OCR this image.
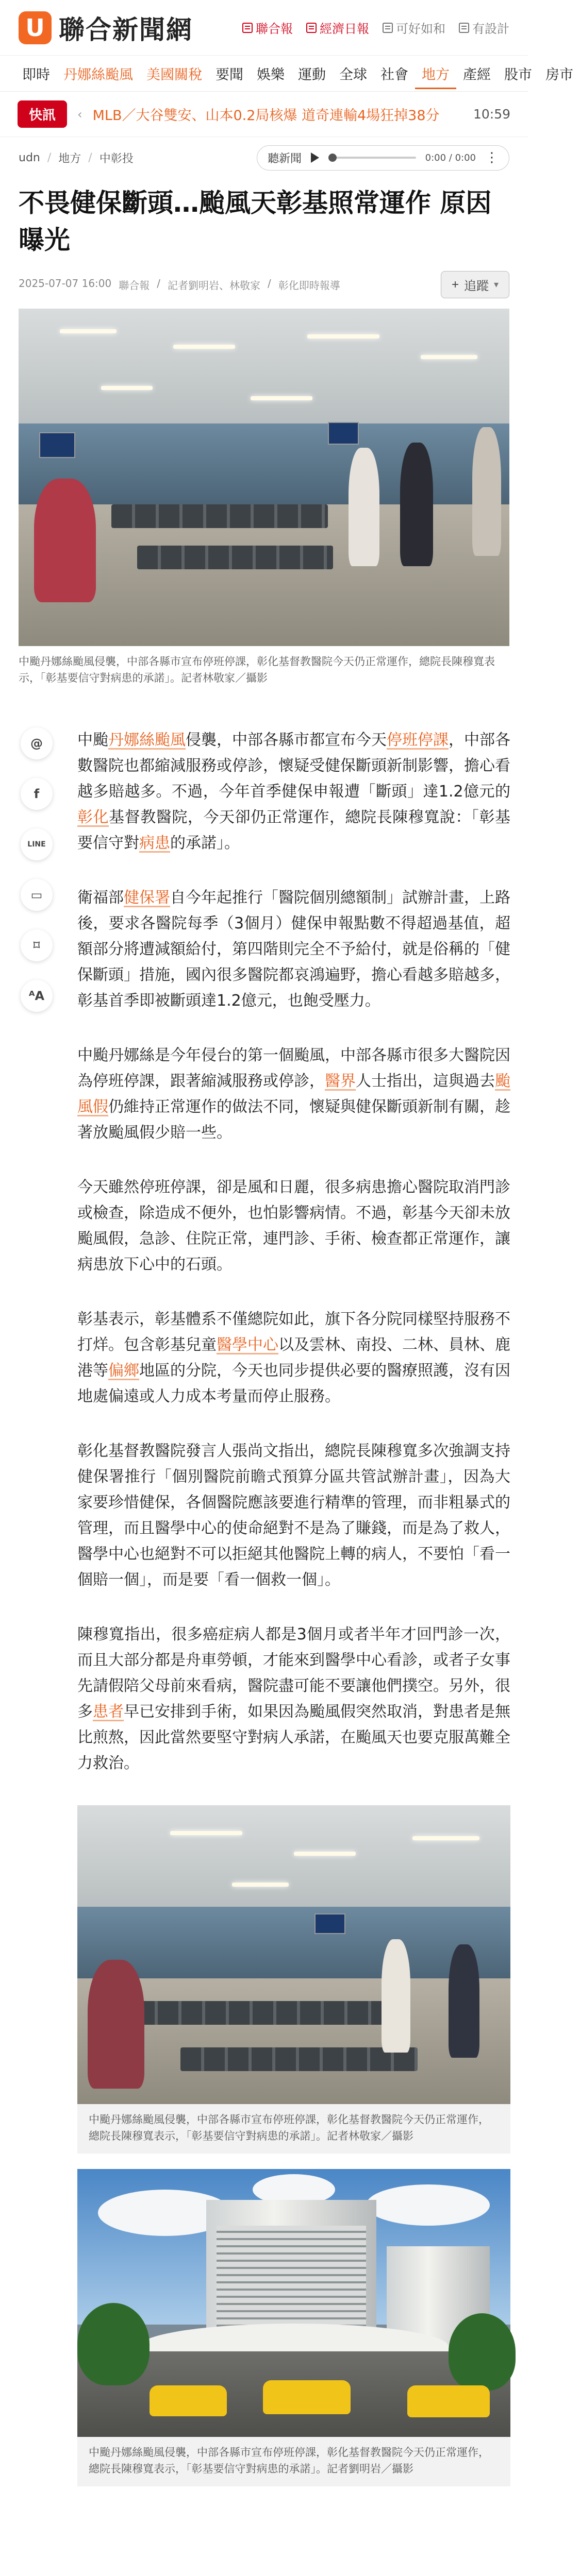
U 聯合新聞網	聯合報 經濟日報 可好如和 有設計
即時 丹娜絲颱風 美國關稅 要聞 娛樂 運動 全球 社會 地方 產經 股市 房市
快訊	‹ MLB／大谷雙安、山本0.2局核爆 道奇連輸4場狂掉38分	10:59
udn / 地方 / 中彰投	聽新聞	0:00 / 0:00 ⋮
不畏健保斷頭…颱風天彰基照常運作 原因曝光
2025-07-07 16:00 聯合報 / 記者劉明岩、林敬家 / 彰化即時報導	+ 追蹤 ▾

中颱丹娜絲颱風侵襲，中部各縣市宣布停班停課，彰化基督教醫院今天仍正常運作，總院長陳穆寬表示，「彰基要信守對病患的承諾」。記者林敬家／攝影

@
f
LINE
▭
⌑
ᴬA

中颱丹娜絲颱風侵襲，中部各縣市都宣布今天停班停課，中部各數醫院也都縮減服務或停診，懷疑受健保斷頭新制影響，擔心看越多賠越多。不過，今年首季健保申報遭「斷頭」達1.2億元的彰化基督教醫院，今天卻仍正常運作，總院長陳穆寬說：「彰基要信守對病患的承諾」。

衛福部健保署自今年起推行「醫院個別總額制」試辦計畫，上路後，要求各醫院每季（3個月）健保申報點數不得超過基值，超額部分將遭減額給付，第四階則完全不予給付，就是俗稱的「健保斷頭」措施，國內很多醫院都哀鴻遍野，擔心看越多賠越多，彰基首季即被斷頭達1.2億元，也飽受壓力。

中颱丹娜絲是今年侵台的第一個颱風，中部各縣市很多大醫院因為停班停課，跟著縮減服務或停診，醫界人士指出，這與過去颱風假仍維持正常運作的做法不同，懷疑與健保斷頭新制有關，趁著放颱風假少賠一些。

今天雖然停班停課，卻是風和日麗，很多病患擔心醫院取消門診或檢查，除造成不便外，也怕影響病情。不過，彰基今天卻未放颱風假，急診、住院正常，連門診、手術、檢查都正常運作，讓病患放下心中的石頭。

彰基表示，彰基體系不僅總院如此，旗下各分院同樣堅持服務不打烊。包含彰基兒童醫學中心以及雲林、南投、二林、員林、鹿港等偏鄉地區的分院，今天也同步提供必要的醫療照護，沒有因地處偏遠或人力成本考量而停止服務。

彰化基督教醫院發言人張尚文指出，總院長陳穆寬多次強調支持健保署推行「個別醫院前瞻式預算分區共管試辦計畫」，因為大家要珍惜健保，各個醫院應該要進行精準的管理，而非粗暴式的管理，而且醫學中心的使命絕對不是為了賺錢，而是為了救人，醫學中心也絕對不可以拒絕其他醫院上轉的病人，不要怕「看一個賠一個」，而是要「看一個救一個」。

陳穆寬指出，很多癌症病人都是3個月或者半年才回門診一次，而且大部分都是舟車勞頓，才能來到醫學中心看診，或者子女事先請假陪父母前來看病，醫院盡可能不要讓他們撲空。另外，很多患者早已安排到手術，如果因為颱風假突然取消，對患者是無比煎熬，因此當然要堅守對病人承諾，在颱風天也要克服萬難全力救治。

中颱丹娜絲颱風侵襲，中部各縣市宣布停班停課，彰化基督教醫院今天仍正常運作，總院長陳穆寬表示，「彰基要信守對病患的承諾」。記者林敬家／攝影

中颱丹娜絲颱風侵襲，中部各縣市宣布停班停課，彰化基督教醫院今天仍正常運作，總院長陳穆寬表示，「彰基要信守對病患的承諾」。記者劉明岩／攝影
